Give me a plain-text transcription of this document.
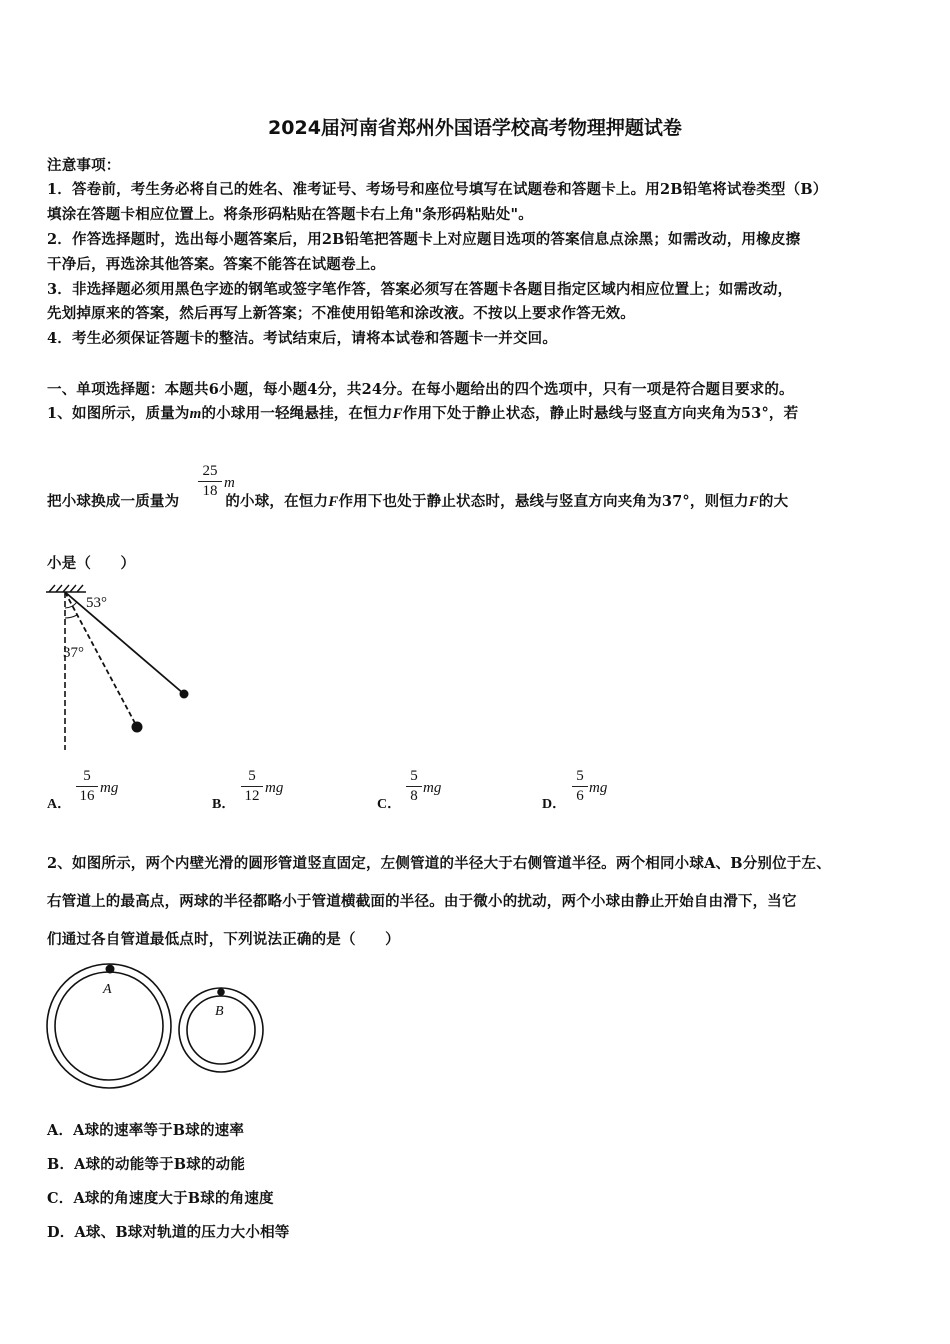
2024届河南省郑州外国语学校高考物理押题试卷
注意事项：
1．答卷前，考生务必将自己的姓名、准考证号、考场号和座位号填写在试题卷和答题卡上。用2B铅笔将试卷类型（B）
填涂在答题卡相应位置上。将条形码粘贴在答题卡右上角"条形码粘贴处"。
2．作答选择题时，选出每小题答案后，用2B铅笔把答题卡上对应题目选项的答案信息点涂黑；如需改动，用橡皮擦
干净后，再选涂其他答案。答案不能答在试题卷上。
3．非选择题必须用黑色字迹的钢笔或签字笔作答，答案必须写在答题卡各题目指定区域内相应位置上；如需改动，
先划掉原来的答案，然后再写上新答案；不准使用铅笔和涂改液。不按以上要求作答无效。
4．考生必须保证答题卡的整洁。考试结束后，请将本试卷和答题卡一并交回。
一、单项选择题：本题共6小题，每小题4分，共24分。在每小题给出的四个选项中，只有一项是符合题目要求的。
1、如图所示，质量为m的小球用一轻绳悬挂，在恒力F作用下处于静止状态，静止时悬线与竖直方向夹角为53°，若
把小球换成一质量为	的小球，在恒力F作用下也处于静止状态时，悬线与竖直方向夹角为37°，则恒力F的大
25
18 m
小是（　　）
53°
37°
A．
5
16 mg
B．
5
12 mg
C．
5
8 mg
D．
5
6 mg
2、如图所示，两个内壁光滑的圆形管道竖直固定，左侧管道的半径大于右侧管道半径。两个相同小球A、B分别位于左、
右管道上的最高点，两球的半径都略小于管道横截面的半径。由于微小的扰动，两个小球由静止开始自由滑下，当它
们通过各自管道最低点时，下列说法正确的是（　　）
A
B
A．A球的速率等于B球的速率
B．A球的动能等于B球的动能
C．A球的角速度大于B球的角速度
D．A球、B球对轨道的压力大小相等
